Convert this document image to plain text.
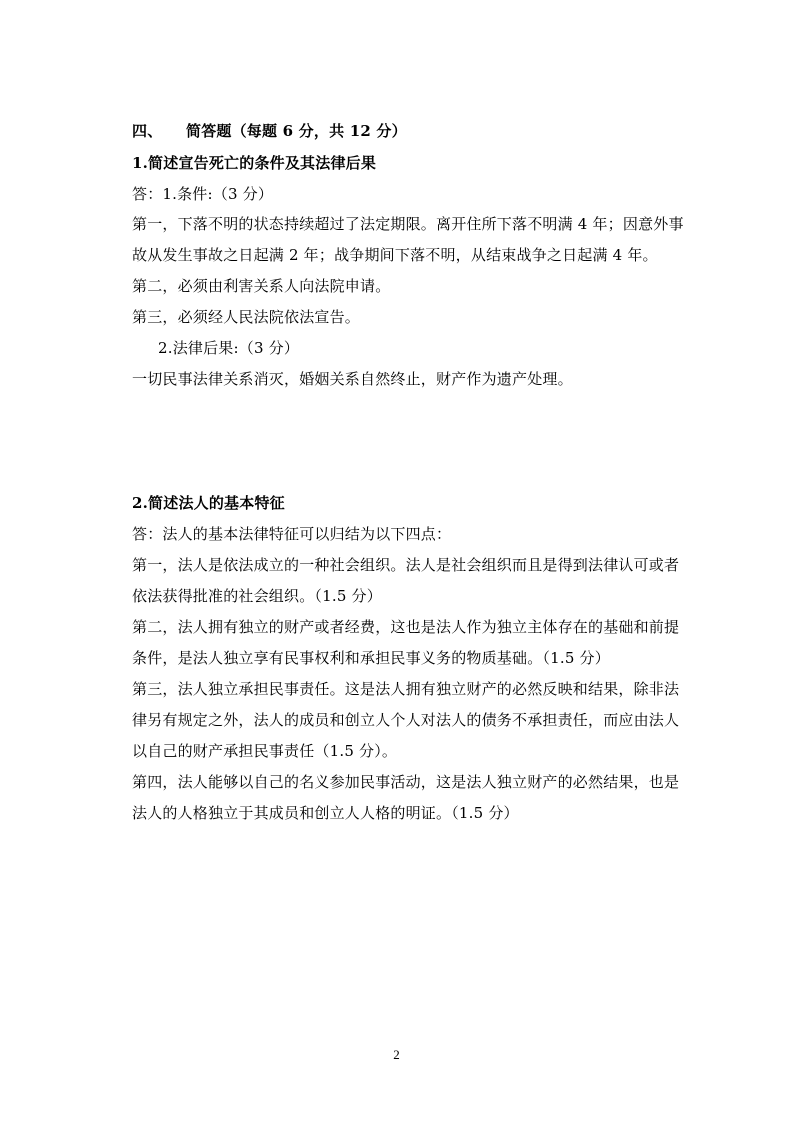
四、 简答题（每题 6 分，共 12 分）
1.简述宣告死亡的条件及其法律后果
答：1.条件:（3 分）
第一，下落不明的状态持续超过了法定期限。离开住所下落不明满 4 年；因意外事
故从发生事故之日起满 2 年；战争期间下落不明，从结束战争之日起满 4 年。
第二，必须由利害关系人向法院申请。
第三，必须经人民法院依法宣告。
2.法律后果:（3 分）
一切民事法律关系消灭，婚姻关系自然终止，财产作为遗产处理。
2.简述法人的基本特征
答：法人的基本法律特征可以归结为以下四点：
第一，法人是依法成立的一种社会组织。法人是社会组织而且是得到法律认可或者
依法获得批准的社会组织。（1.5 分）
第二，法人拥有独立的财产或者经费，这也是法人作为独立主体存在的基础和前提
条件，是法人独立享有民事权利和承担民事义务的物质基础。（1.5 分）
第三，法人独立承担民事责任。这是法人拥有独立财产的必然反映和结果，除非法
律另有规定之外，法人的成员和创立人个人对法人的债务不承担责任，而应由法人
以自己的财产承担民事责任（1.5 分）。
第四，法人能够以自己的名义参加民事活动，这是法人独立财产的必然结果，也是
法人的人格独立于其成员和创立人人格的明证。（1.5 分）
2
